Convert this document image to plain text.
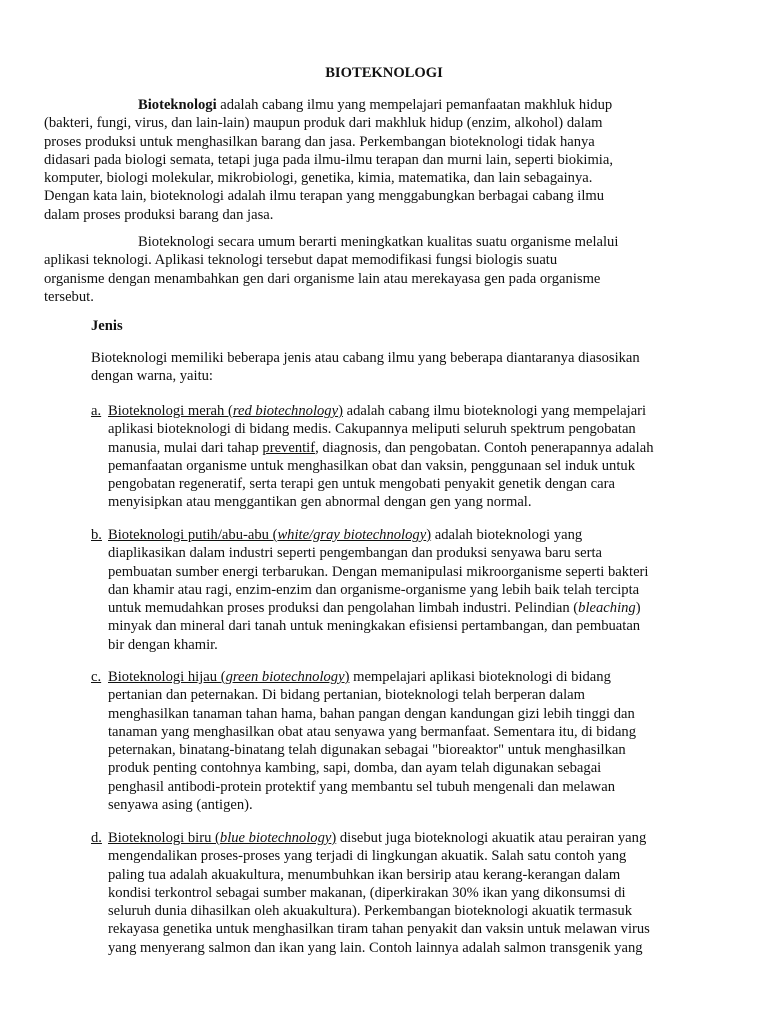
BIOTEKNOLOGI

Bioteknologi adalah cabang ilmu yang mempelajari pemanfaatan makhluk hidup
(bakteri, fungi, virus, dan lain-lain) maupun produk dari makhluk hidup (enzim, alkohol) dalam
proses produksi untuk menghasilkan barang dan jasa. Perkembangan bioteknologi tidak hanya
didasari pada biologi semata, tetapi juga pada ilmu-ilmu terapan dan murni lain, seperti biokimia,
komputer, biologi molekular, mikrobiologi, genetika, kimia, matematika, dan lain sebagainya.
Dengan kata lain, bioteknologi adalah ilmu terapan yang menggabungkan berbagai cabang ilmu
dalam proses produksi barang dan jasa.
Bioteknologi secara umum berarti meningkatkan kualitas suatu organisme melalui
aplikasi teknologi. Aplikasi teknologi tersebut dapat memodifikasi fungsi biologis suatu
organisme dengan menambahkan gen dari organisme lain atau merekayasa gen pada organisme
tersebut.

Jenis

Bioteknologi memiliki beberapa jenis atau cabang ilmu yang beberapa diantaranya diasosikan
dengan warna, yaitu:
a. Bioteknologi merah (red biotechnology) adalah cabang ilmu bioteknologi yang mempelajari
aplikasi bioteknologi di bidang medis. Cakupannya meliputi seluruh spektrum pengobatan
manusia, mulai dari tahap preventif, diagnosis, dan pengobatan. Contoh penerapannya adalah
pemanfaatan organisme untuk menghasilkan obat dan vaksin, penggunaan sel induk untuk
pengobatan regeneratif, serta terapi gen untuk mengobati penyakit genetik dengan cara
menyisipkan atau menggantikan gen abnormal dengan gen yang normal.
b. Bioteknologi putih/abu-abu (white/gray biotechnology) adalah bioteknologi yang
diaplikasikan dalam industri seperti pengembangan dan produksi senyawa baru serta
pembuatan sumber energi terbarukan. Dengan memanipulasi mikroorganisme seperti bakteri
dan khamir atau ragi, enzim-enzim dan organisme-organisme yang lebih baik telah tercipta
untuk memudahkan proses produksi dan pengolahan limbah industri. Pelindian (bleaching)
minyak dan mineral dari tanah untuk meningkakan efisiensi pertambangan, dan pembuatan
bir dengan khamir.
c. Bioteknologi hijau (green biotechnology) mempelajari aplikasi bioteknologi di bidang
pertanian dan peternakan. Di bidang pertanian, bioteknologi telah berperan dalam
menghasilkan tanaman tahan hama, bahan pangan dengan kandungan gizi lebih tinggi dan
tanaman yang menghasilkan obat atau senyawa yang bermanfaat. Sementara itu, di bidang
peternakan, binatang-binatang telah digunakan sebagai "bioreaktor" untuk menghasilkan
produk penting contohnya kambing, sapi, domba, dan ayam telah digunakan sebagai
penghasil antibodi-protein protektif yang membantu sel tubuh mengenali dan melawan
senyawa asing (antigen).
d. Bioteknologi biru (blue biotechnology) disebut juga bioteknologi akuatik atau perairan yang
mengendalikan proses-proses yang terjadi di lingkungan akuatik. Salah satu contoh yang
paling tua adalah akuakultura, menumbuhkan ikan bersirip atau kerang-kerangan dalam
kondisi terkontrol sebagai sumber makanan, (diperkirakan 30% ikan yang dikonsumsi di
seluruh dunia dihasilkan oleh akuakultura). Perkembangan bioteknologi akuatik termasuk
rekayasa genetika untuk menghasilkan tiram tahan penyakit dan vaksin untuk melawan virus
yang menyerang salmon dan ikan yang lain. Contoh lainnya adalah salmon transgenik yang
